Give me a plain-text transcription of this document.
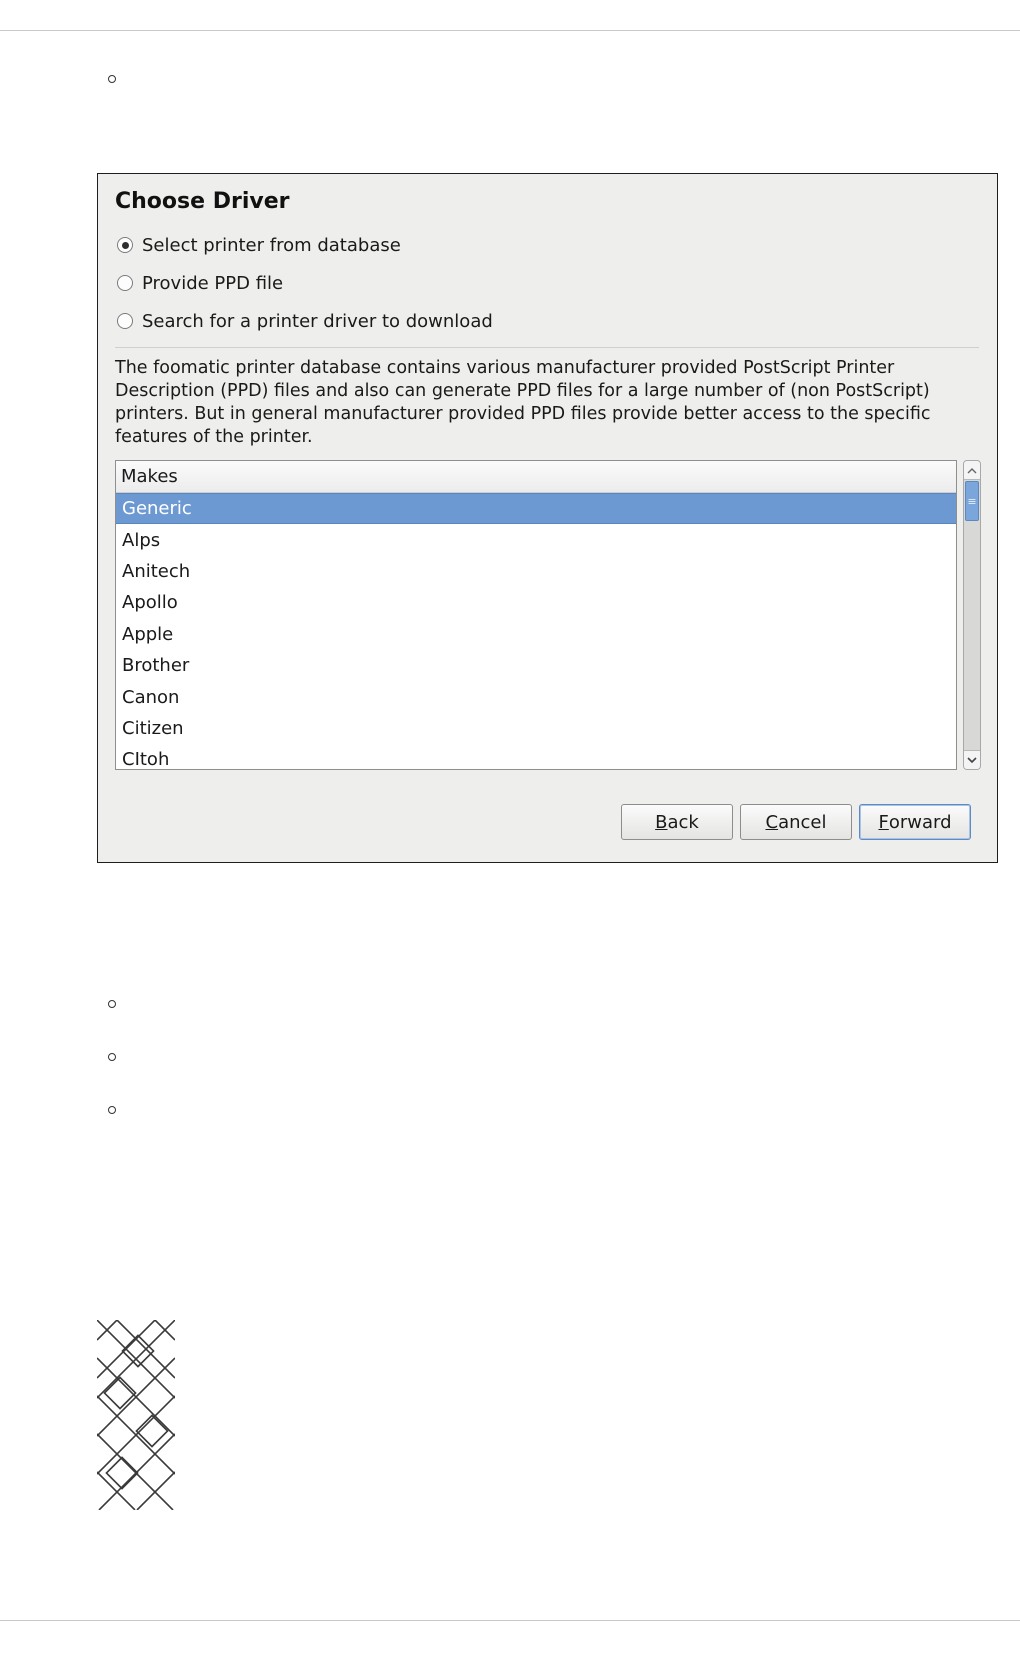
Choose Driver
Select printer from database
Provide PPD file
Search for a printer driver to download
The foomatic printer database contains various manufacturer provided PostScript Printer Description (PPD) files and also can generate PPD files for a large number of (non PostScript) printers. But in general manufacturer provided PPD files provide better access to the specific features of the printer.
Makes
Generic
Alps
Anitech
Apollo
Apple
Brother
Canon
Citizen
CItoh
≡
B ack	C ancel	F orward
